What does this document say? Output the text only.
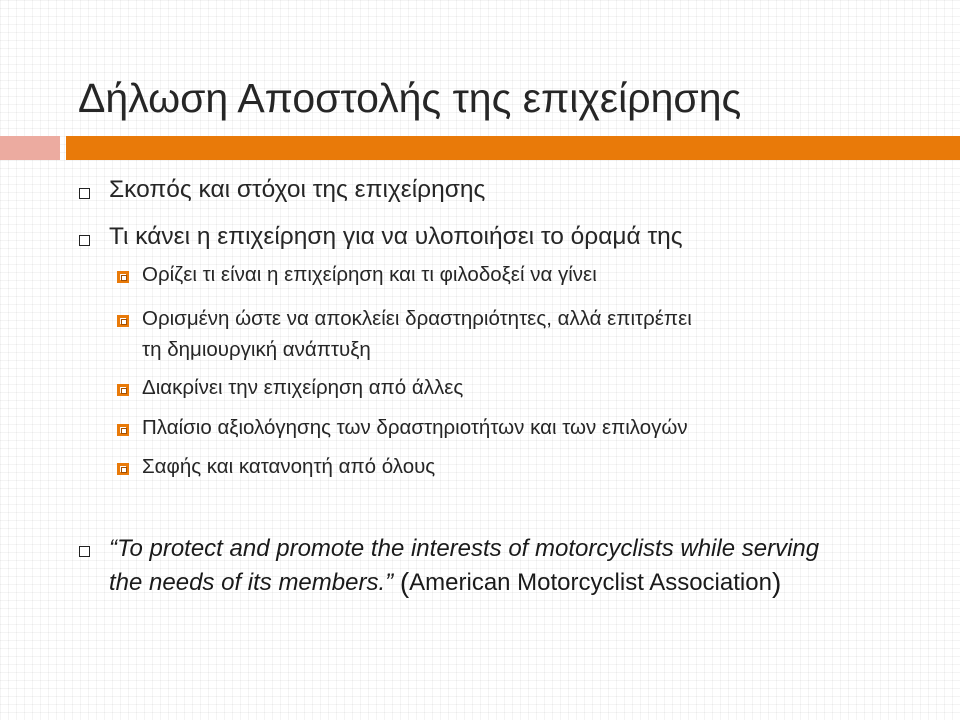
Δήλωση Αποστολής της επιχείρησης
Σκοπός και στόχοι της επιχείρησης
Τι κάνει η επιχείρηση για να υλοποιήσει το όραμά της
Ορίζει τι είναι η επιχείρηση και τι φιλοδοξεί να γίνει
Ορισμένη ώστε να αποκλείει δραστηριότητες, αλλά επιτρέπει
τη δημιουργική ανάπτυξη
Διακρίνει την επιχείρηση από άλλες
Πλαίσιο αξιολόγησης των δραστηριοτήτων και των επιλογών
Σαφής και κατανοητή από όλους
“To protect and promote the interests of motorcyclists while serving
the needs of its members.” (American Motorcyclist Association)
